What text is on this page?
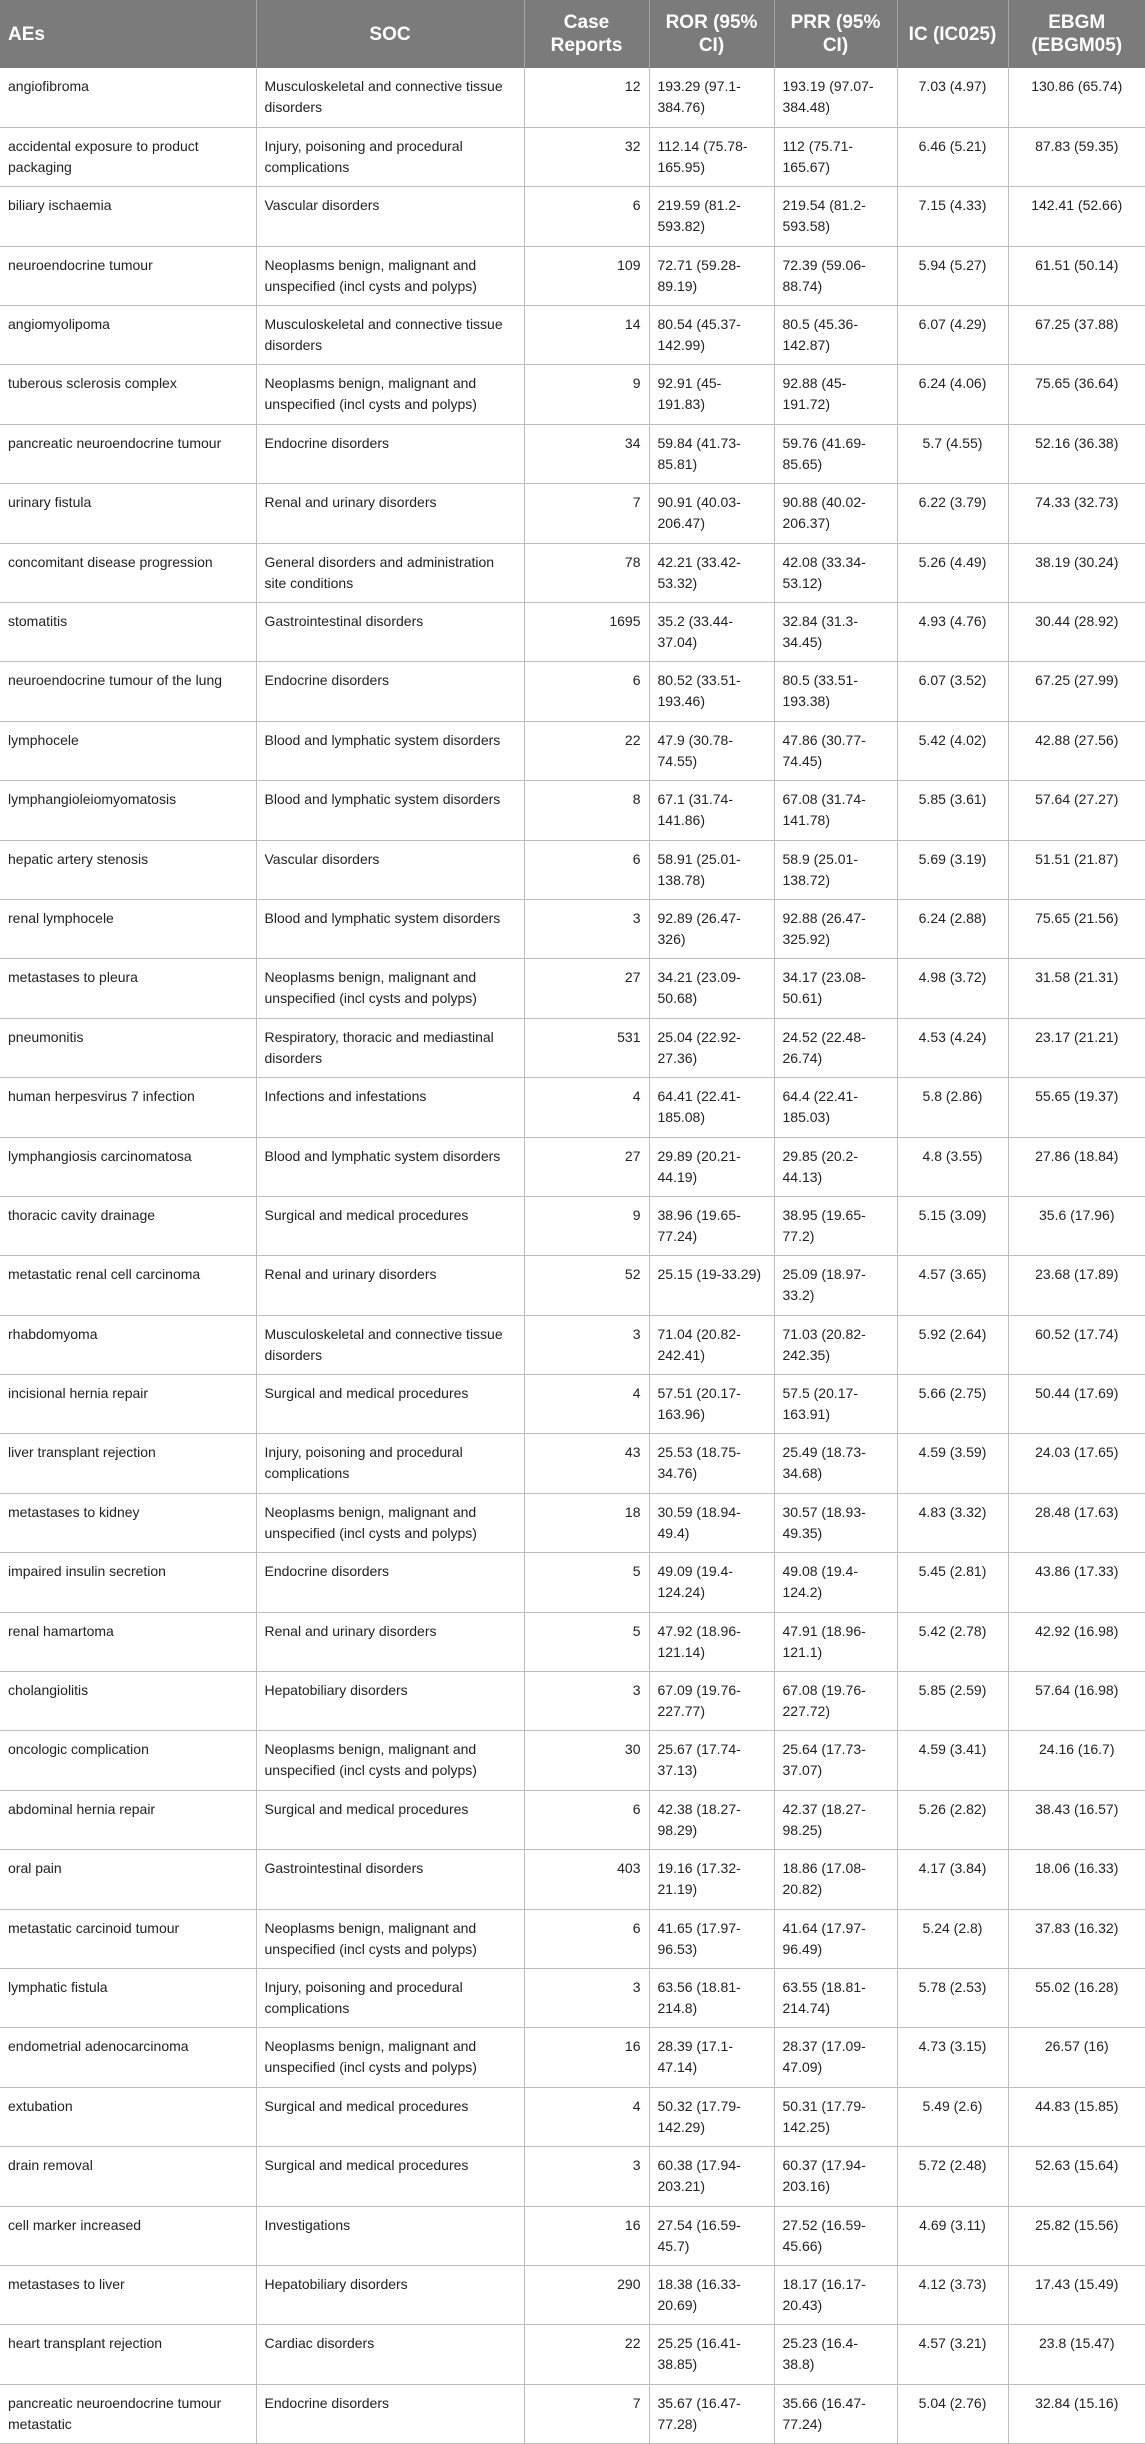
AEs	SOC	Case Reports	ROR (95% CI)	PRR (95% CI)	IC (IC025)	EBGM (EBGM05)
angiofibroma	Musculoskeletal and connective tissue disorders	12	193.29 (97.1-384.76)	193.19 (97.07-384.48)	7.03 (4.97)	130.86 (65.74)
accidental exposure to product packaging	Injury, poisoning and procedural complications	32	112.14 (75.78-165.95)	112 (75.71-165.67)	6.46 (5.21)	87.83 (59.35)
biliary ischaemia	Vascular disorders	6	219.59 (81.2-593.82)	219.54 (81.2-593.58)	7.15 (4.33)	142.41 (52.66)
neuroendocrine tumour	Neoplasms benign, malignant and unspecified (incl cysts and polyps)	109	72.71 (59.28-89.19)	72.39 (59.06-88.74)	5.94 (5.27)	61.51 (50.14)
angiomyolipoma	Musculoskeletal and connective tissue disorders	14	80.54 (45.37-142.99)	80.5 (45.36-142.87)	6.07 (4.29)	67.25 (37.88)
tuberous sclerosis complex	Neoplasms benign, malignant and unspecified (incl cysts and polyps)	9	92.91 (45-191.83)	92.88 (45-191.72)	6.24 (4.06)	75.65 (36.64)
pancreatic neuroendocrine tumour	Endocrine disorders	34	59.84 (41.73-85.81)	59.76 (41.69-85.65)	5.7 (4.55)	52.16 (36.38)
urinary fistula	Renal and urinary disorders	7	90.91 (40.03-206.47)	90.88 (40.02-206.37)	6.22 (3.79)	74.33 (32.73)
concomitant disease progression	General disorders and administration site conditions	78	42.21 (33.42-53.32)	42.08 (33.34-53.12)	5.26 (4.49)	38.19 (30.24)
stomatitis	Gastrointestinal disorders	1695	35.2 (33.44-37.04)	32.84 (31.3-34.45)	4.93 (4.76)	30.44 (28.92)
neuroendocrine tumour of the lung	Endocrine disorders	6	80.52 (33.51-193.46)	80.5 (33.51-193.38)	6.07 (3.52)	67.25 (27.99)
lymphocele	Blood and lymphatic system disorders	22	47.9 (30.78-74.55)	47.86 (30.77-74.45)	5.42 (4.02)	42.88 (27.56)
lymphangioleiomyomatosis	Blood and lymphatic system disorders	8	67.1 (31.74-141.86)	67.08 (31.74-141.78)	5.85 (3.61)	57.64 (27.27)
hepatic artery stenosis	Vascular disorders	6	58.91 (25.01-138.78)	58.9 (25.01-138.72)	5.69 (3.19)	51.51 (21.87)
renal lymphocele	Blood and lymphatic system disorders	3	92.89 (26.47-326)	92.88 (26.47-325.92)	6.24 (2.88)	75.65 (21.56)
metastases to pleura	Neoplasms benign, malignant and unspecified (incl cysts and polyps)	27	34.21 (23.09-50.68)	34.17 (23.08-50.61)	4.98 (3.72)	31.58 (21.31)
pneumonitis	Respiratory, thoracic and mediastinal disorders	531	25.04 (22.92-27.36)	24.52 (22.48-26.74)	4.53 (4.24)	23.17 (21.21)
human herpesvirus 7 infection	Infections and infestations	4	64.41 (22.41-185.08)	64.4 (22.41-185.03)	5.8 (2.86)	55.65 (19.37)
lymphangiosis carcinomatosa	Blood and lymphatic system disorders	27	29.89 (20.21-44.19)	29.85 (20.2-44.13)	4.8 (3.55)	27.86 (18.84)
thoracic cavity drainage	Surgical and medical procedures	9	38.96 (19.65-77.24)	38.95 (19.65-77.2)	5.15 (3.09)	35.6 (17.96)
metastatic renal cell carcinoma	Renal and urinary disorders	52	25.15 (19-33.29)	25.09 (18.97-33.2)	4.57 (3.65)	23.68 (17.89)
rhabdomyoma	Musculoskeletal and connective tissue disorders	3	71.04 (20.82-242.41)	71.03 (20.82-242.35)	5.92 (2.64)	60.52 (17.74)
incisional hernia repair	Surgical and medical procedures	4	57.51 (20.17-163.96)	57.5 (20.17-163.91)	5.66 (2.75)	50.44 (17.69)
liver transplant rejection	Injury, poisoning and procedural complications	43	25.53 (18.75-34.76)	25.49 (18.73-34.68)	4.59 (3.59)	24.03 (17.65)
metastases to kidney	Neoplasms benign, malignant and unspecified (incl cysts and polyps)	18	30.59 (18.94-49.4)	30.57 (18.93-49.35)	4.83 (3.32)	28.48 (17.63)
impaired insulin secretion	Endocrine disorders	5	49.09 (19.4-124.24)	49.08 (19.4-124.2)	5.45 (2.81)	43.86 (17.33)
renal hamartoma	Renal and urinary disorders	5	47.92 (18.96-121.14)	47.91 (18.96-121.1)	5.42 (2.78)	42.92 (16.98)
cholangiolitis	Hepatobiliary disorders	3	67.09 (19.76-227.77)	67.08 (19.76-227.72)	5.85 (2.59)	57.64 (16.98)
oncologic complication	Neoplasms benign, malignant and unspecified (incl cysts and polyps)	30	25.67 (17.74-37.13)	25.64 (17.73-37.07)	4.59 (3.41)	24.16 (16.7)
abdominal hernia repair	Surgical and medical procedures	6	42.38 (18.27-98.29)	42.37 (18.27-98.25)	5.26 (2.82)	38.43 (16.57)
oral pain	Gastrointestinal disorders	403	19.16 (17.32-21.19)	18.86 (17.08-20.82)	4.17 (3.84)	18.06 (16.33)
metastatic carcinoid tumour	Neoplasms benign, malignant and unspecified (incl cysts and polyps)	6	41.65 (17.97-96.53)	41.64 (17.97-96.49)	5.24 (2.8)	37.83 (16.32)
lymphatic fistula	Injury, poisoning and procedural complications	3	63.56 (18.81-214.8)	63.55 (18.81-214.74)	5.78 (2.53)	55.02 (16.28)
endometrial adenocarcinoma	Neoplasms benign, malignant and unspecified (incl cysts and polyps)	16	28.39 (17.1-47.14)	28.37 (17.09-47.09)	4.73 (3.15)	26.57 (16)
extubation	Surgical and medical procedures	4	50.32 (17.79-142.29)	50.31 (17.79-142.25)	5.49 (2.6)	44.83 (15.85)
drain removal	Surgical and medical procedures	3	60.38 (17.94-203.21)	60.37 (17.94-203.16)	5.72 (2.48)	52.63 (15.64)
cell marker increased	Investigations	16	27.54 (16.59-45.7)	27.52 (16.59-45.66)	4.69 (3.11)	25.82 (15.56)
metastases to liver	Hepatobiliary disorders	290	18.38 (16.33-20.69)	18.17 (16.17-20.43)	4.12 (3.73)	17.43 (15.49)
heart transplant rejection	Cardiac disorders	22	25.25 (16.41-38.85)	25.23 (16.4-38.8)	4.57 (3.21)	23.8 (15.47)
pancreatic neuroendocrine tumour metastatic	Endocrine disorders	7	35.67 (16.47-77.28)	35.66 (16.47-77.24)	5.04 (2.76)	32.84 (15.16)
